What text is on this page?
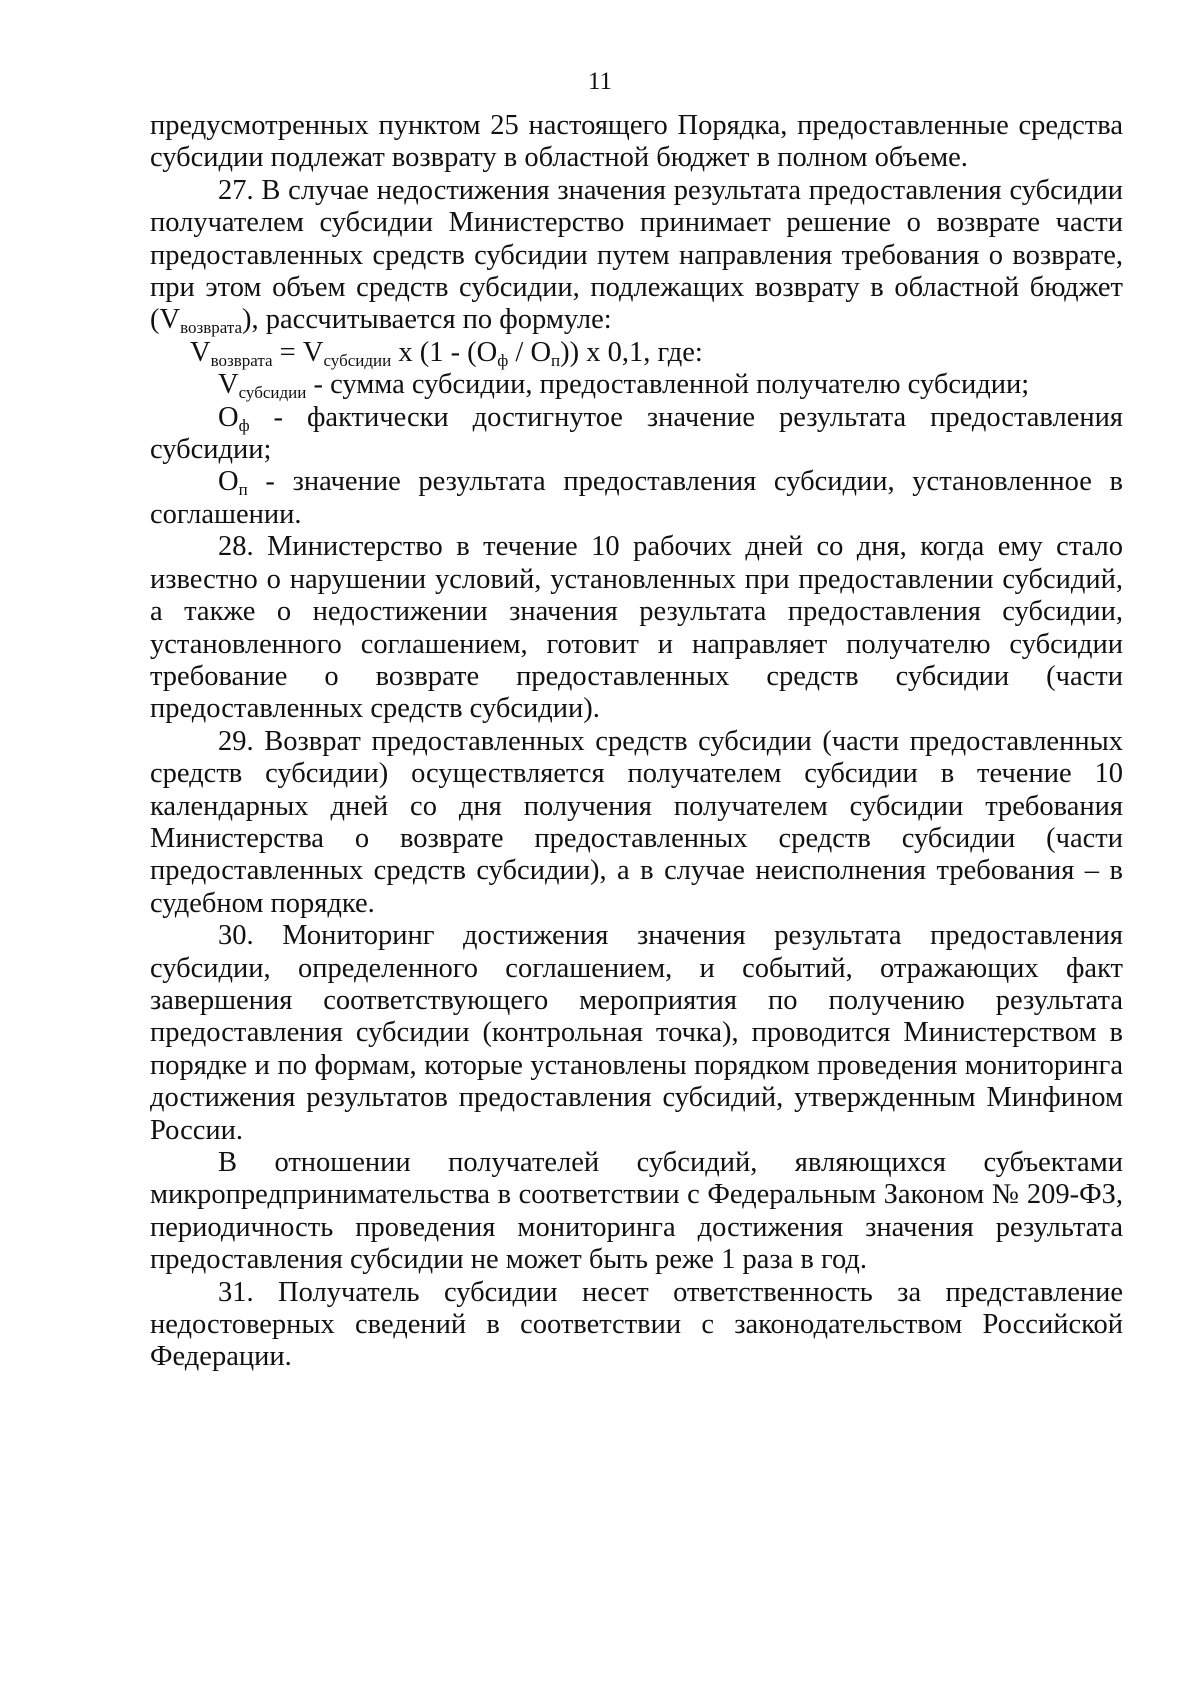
11

предусмотренных пунктом 25 настоящего Порядка, предоставленные средства субсидии подлежат возврату в областной бюджет в полном объеме.

27. В случае недостижения значения результата предоставления субсидии получателем субсидии Министерство принимает решение о возврате части предоставленных средств субсидии путем направления требования о возврате, при этом объем средств субсидии, подлежащих возврату в областной бюджет $(V_{возврата})$, рассчитывается по формуле:

$V_{возврата} = V_{субсидии}$ х $(1 - (О_ф / О_п))$ х 0,1, где:

$V_{субсидии}$ - сумма субсидии, предоставленной получателю субсидии;

$О_ф$ - фактически достигнутое значение результата предоставления субсидии;

$О_п$ - значение результата предоставления субсидии, установленное в соглашении.

28. Министерство в течение 10 рабочих дней со дня, когда ему стало известно о нарушении условий, установленных при предоставлении субсидий, а также о недостижении значения результата предоставления субсидии, установленного соглашением, готовит и направляет получателю субсидии требование о возврате предоставленных средств субсидии (части предоставленных средств субсидии).

29. Возврат предоставленных средств субсидии (части предоставленных средств субсидии) осуществляется получателем субсидии в течение 10 календарных дней со дня получения получателем субсидии требования Министерства о возврате предоставленных средств субсидии (части предоставленных средств субсидии), а в случае неисполнения требования – в судебном порядке.

30. Мониторинг достижения значения результата предоставления субсидии, определенного соглашением, и событий, отражающих факт завершения соответствующего мероприятия по получению результата предоставления субсидии (контрольная точка), проводится Министерством в порядке и по формам, которые установлены порядком проведения мониторинга достижения результатов предоставления субсидий, утвержденным Минфином России.

В отношении получателей субсидий, являющихся субъектами микропредпринимательства в соответствии с Федеральным Законом № 209-ФЗ, периодичность проведения мониторинга достижения значения результата предоставления субсидии не может быть реже 1 раза в год.

31. Получатель субсидии несет ответственность за представление недостоверных сведений в соответствии с законодательством Российской Федерации.
